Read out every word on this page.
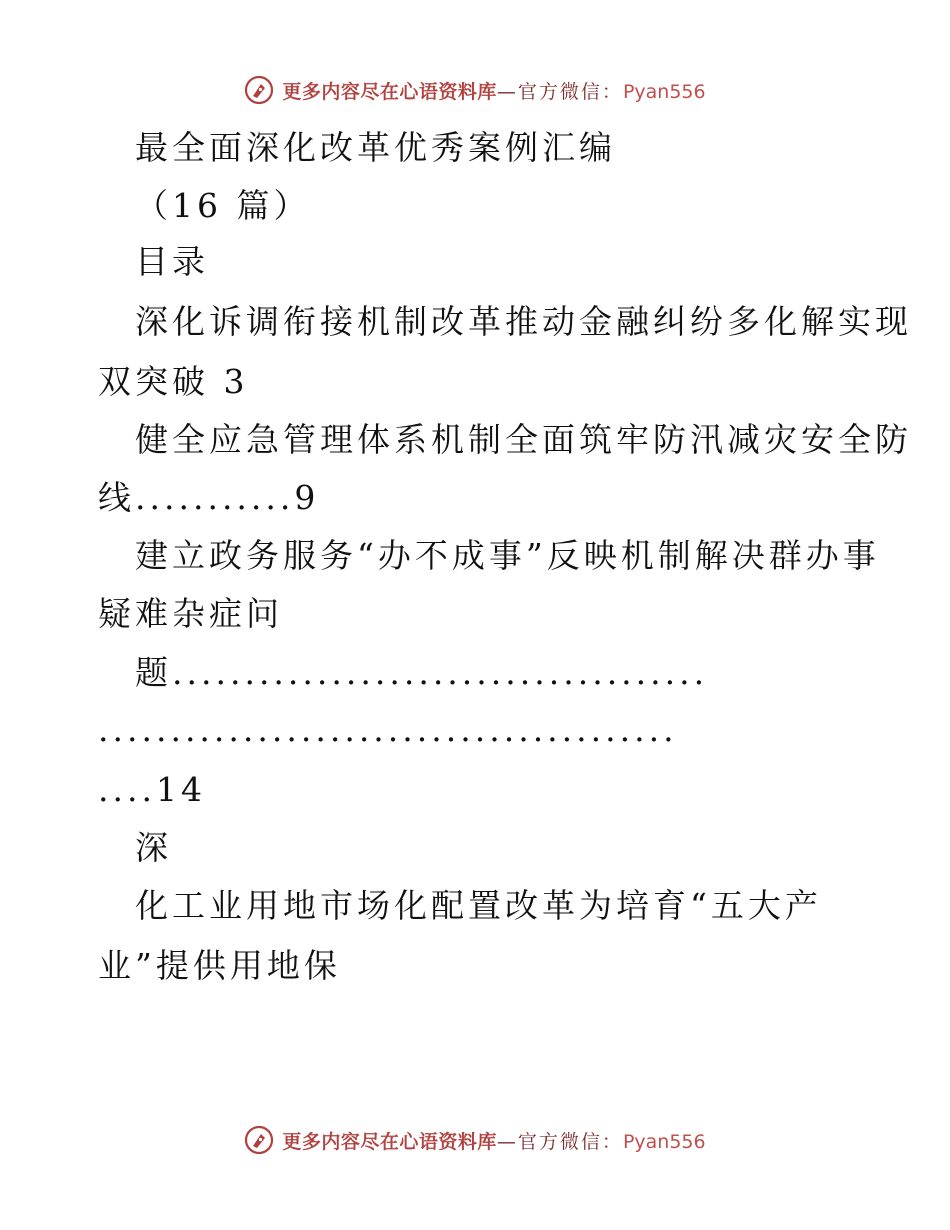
更多内容尽在心语资料库—官方微信：Pyan556
最全面深化改革优秀案例汇编
（16 篇）
目录
深化诉调衔接机制改革推动金融纠纷多化解实现
双突破 3
健全应急管理体系机制全面筑牢防汛减灾安全防
线...........9
建立政务服务“办不成事”反映机制解决群办事
疑难杂症问
题.....................................
........................................
....14
深
化工业用地市场化配置改革为培育“五大产
业”提供用地保
更多内容尽在心语资料库—官方微信：Pyan556
